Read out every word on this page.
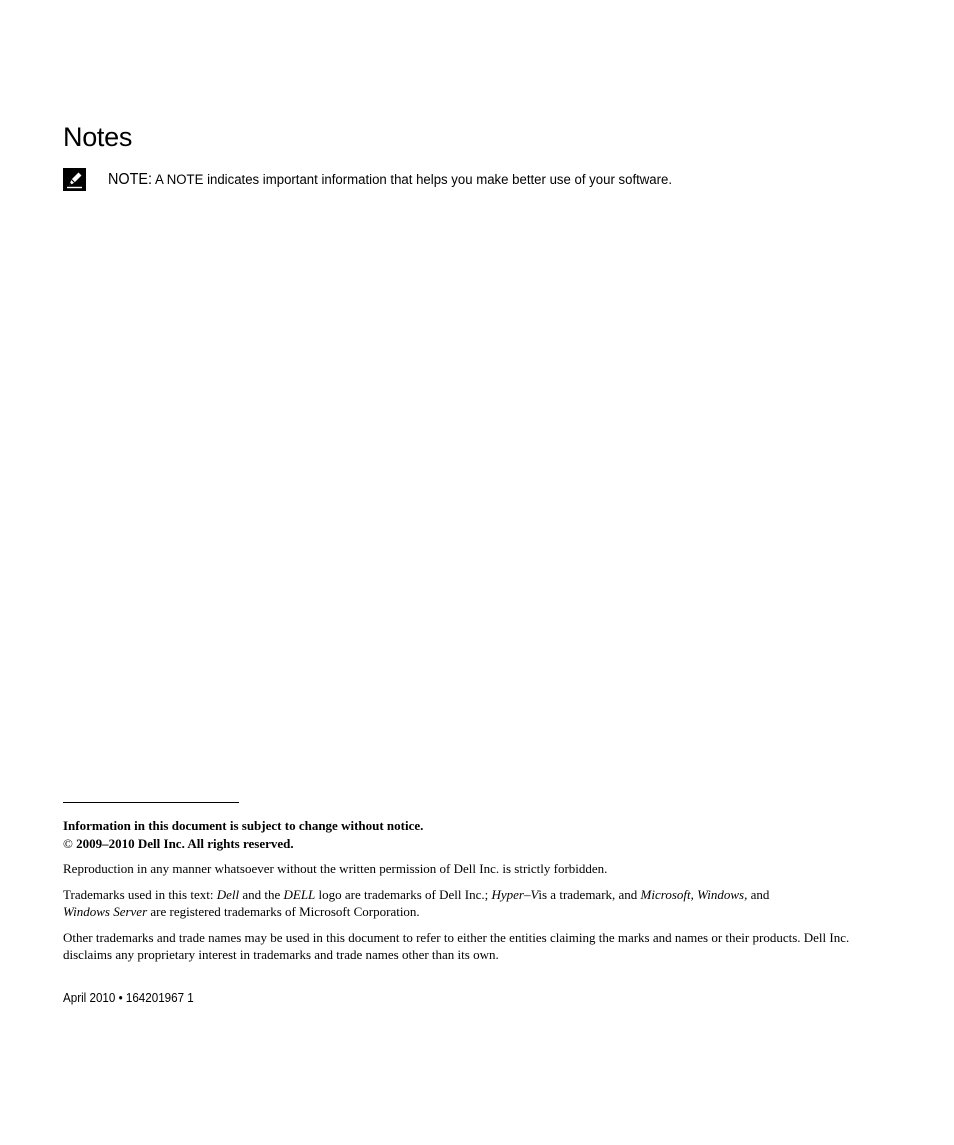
Notes
NOTE: A NOTE indicates important information that helps you make better use of your software.

Information in this document is subject to change without notice.
© 2009–2010 Dell Inc. All rights reserved.

Reproduction in any manner whatsoever without the written permission of Dell Inc. is strictly forbidden.

Trademarks used in this text: Dell and the DELL logo are trademarks of Dell Inc.; Hyper–Vis a trademark, and Microsoft, Windows, and
Windows Server are registered trademarks of Microsoft Corporation.

Other trademarks and trade names may be used in this document to refer to either the entities claiming the marks and names or their products. Dell Inc. disclaims any proprietary interest in trademarks and trade names other than its own.

April 2010 • 164201967 1
